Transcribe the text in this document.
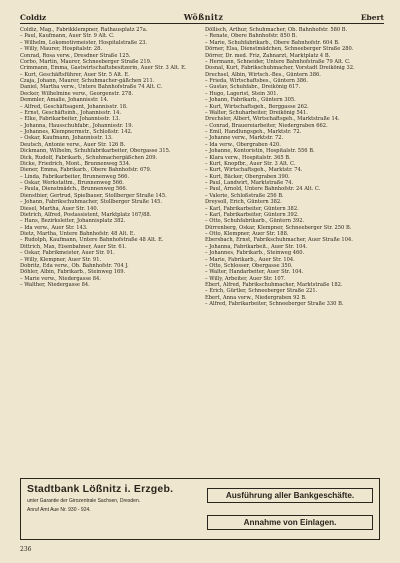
Coldiz	Wößnitz	Ebert
Coldiz, Mag., Fabrikklempner, Rathausplatz 27a.
– Paul, Kaufmann, Auer Str. 9 Alt. C.
– Wilhelm, Lokomotivmeister, Hospitalstraße 23.
– Willy, Maurer, Hospitalstr. 28.
Conrad, Rosa verw., Dresdner Straße 125.
Corbo, Martin, Maurer, Schneeberger Straße 219.
Crimmann, Emma, Gastwirtschaftsbesitzerin, Auer Str. 3 Alt. E.
– Kurt, Geschäftsführer, Auer Str. 5 Alt. E.
Czaja, Johann, Maurer, Schuhmacher-gäßchen 211.
Daniel, Martha verw., Untere Bahnhofstraße 74 Alt. C.
Decker, Wilhelmine verw., Georgenstr. 278.
Demmler, Amalie, Johannisstr. 14.
– Alfred, Geschäftsagent, Johannisstr. 18.
– Ernst, Geschäftsinh., Johannisstr. 14.
– Elke, Fabrikarbeiter, Johannisstr. 13.
– Johanna, Hausschuhfabr., Johannisstr. 19.
– Johannes, Klempnermstr., Schloßstr. 142.
– Oskar, Kaufmann, Johannisstr. 13.
Deutsch, Antonie verw., Auer Str. 126 B.
Dickmann, Wilhelm, Schuhfabrikarbeiter, Obergasse 315.
Dick, Rudolf, Fabrikarb., Schuhmachergäßchen 209.
Dicke, Friedrich, Mont., Brunnenweg 534.
Diener, Emma, Fabrikarb., Obere Bahnhofstr. 679.
– Linda, Fabrikarbeiter, Brunnenweg 566.
– Oskar, Werkstattm., Brunnenweg 566.
– Paula, Dienstmädch., Brunnenweg 566.
Dienstbier, Gertrud, Spielbauer, Stollberger Straße 145.
– Johann, Fabrikschuhmacher, Stollberger Straße 145.
Diesel, Martha, Auer Str. 140.
Dietrich, Alfred, Postassistent, Marktplatz 167/88.
– Hans, Bezirksleiter, Johannisplatz 382.
– Ida verw., Auer Str. 143.
Dietz, Martha, Untere Bahnhofstr. 48 Alt. E.
– Rudolph, Kaufmann, Untere Bahnhofstraße 48 Alt. E.
Dittrich, Max, Eisenbahner, Auer Str. 61.
– Oskar, Fabrikmeister, Auer Str. 91.
– Willy, Klempner, Auer Str. 91.
Dobritz, Eda verw., Ob. Bahnhofstr. 704 J.
Döhler, Albin, Fabrikarb., Steinweg 169.
– Marie verw., Niedergasse 84.
– Walther, Niedergasse 84.
Döllisch, Arthur, Schuhmacher, Ob. Bahnhofstr. 580 B.
– Renate, Obere Bahnhofstr. 850 B.
– Marie, Schuhfabrikarb., Obere Bahnhofstr. 604 B.
Dörner, Elsa, Dienstmädchen, Schneeberger Straße 280.
Dörrer, Dr. med. Friz, Zahnarzt, Marktplatz 4 B.
– Hermann, Schneider, Untere Bahnhofstraße 79 Alt. C.
Dosnal, Kurt, Fabrikschuhmacher, Vorstadt Dreikönig 32.
Drechsel, Albin, Wirtsch.-Bes., Güntern 386.
– Frieda, Wirtschaftsbes., Güntern 386.
– Gustav, Schuhfabr., Dreikönig 617.
– Hugo, Lagerist, Stein 301.
– Johann, Fabrikarb., Güntern 305.
– Kurt, Wirtschaftsgeh., Berggasse 262.
– Walter, Schuharbeiter, Dreikönig 541.
Drechsler, Albert, Wirtschaftsgeh., Marktstraße 14.
– Conrad, Brauereiarbeiter, Niedergraben 662.
– Emil, Handlungsgeh., Marktstr. 72.
– Johanne verw., Marktstr. 72.
– Ida verw., Obergraben 420.
– Johanne, Kontoristin, Hospitalstr. 556 B.
– Klara verw., Hospitalstr. 365 B.
– Kurt, Knopfbr., Auer Str. 3 Alt. C.
– Kurt, Wirtschaftsgeh., Marktstr. 74.
– Kurt, Bäcker, Obergraben 390.
– Paul, Landwirt, Marktstraße 74.
– Paul, Arnold, Untere Bahnhofstr. 24 Alt. C.
– Valerie, Schloßstraße 256 B.
Dreysoll, Erich, Güntern 382.
– Karl, Fabrikarbeiter, Güntern 382.
– Karl, Fabrikarbeiter, Güntern 392.
– Otto, Schuhfabrikarb., Güntern 392.
Dürrenberg, Oskar, Klempner, Schneeberger Str. 250 B.
– Otto, Klempner, Auer Str. 188.
Ebersbach, Ernst, Fabrikschuhmacher, Auer Straße 104.
– Johanna, Fabrikarbeit., Auer Str. 104.
– Johannes, Fabrikarb., Steinweg 460.
– Marie, Fabrikarb., Auer Str. 104.
– Otto, Schlosser, Obergasse 350.
– Walter, Handarbeiter, Auer Str. 104.
– Willy, Arbeiter, Auer Str. 107.
Ebert, Alfred, Fabrikschuhmacher, Marktstraße 182.
– Erich, Gürtler, Schneeberger Straße 221.
Ebert, Anna verw., Niedergraben 92 B.
– Alfred, Fabrikarbeiter, Schneeberger Straße 330 B.
Stadtbank Lößnitz i. Erzgeb.
unter Garantie der Girozentrale Sachsen, Dresden.
Anruf Amt Aue Nr. 930 - 924.
Ausführung aller Bankgeschäfte.
Annahme von Einlagen.
236
